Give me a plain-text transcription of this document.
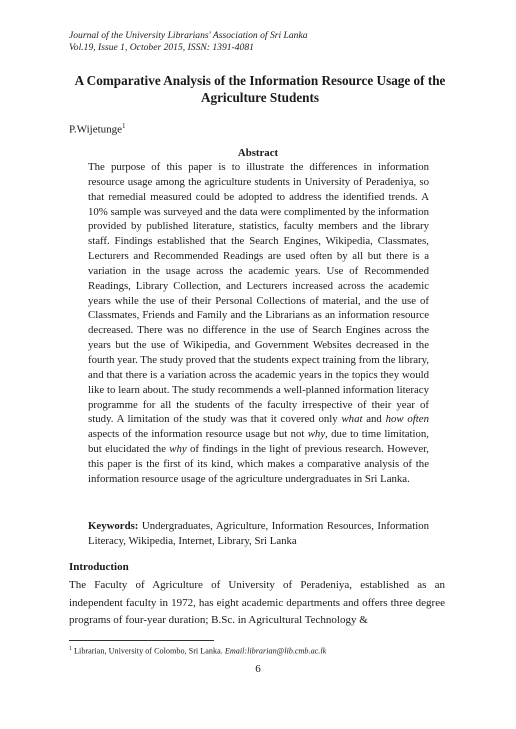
Journal of the University Librarians' Association of Sri Lanka
Vol.19, Issue 1, October 2015, ISSN: 1391-4081
A Comparative Analysis of the Information Resource Usage of the Agriculture Students
P.Wijetunge$^1$
Abstract

The purpose of this paper is to illustrate the differences in information resource usage among the agriculture students in University of Peradeniya, so that remedial measured could be adopted to address the identified trends. A 10% sample was surveyed and the data were complimented by the information provided by published literature, statistics, faculty members and the library staff. Findings established that the Search Engines, Wikipedia, Classmates, Lecturers and Recommended Readings are used often by all but there is a variation in the usage across the academic years. Use of Recommended Readings, Library Collection, and Lecturers increased across the academic years while the use of their Personal Collections of material, and the use of Classmates, Friends and Family and the Librarians as an information resource decreased. There was no difference in the use of Search Engines across the years but the use of Wikipedia, and Government Websites decreased in the fourth year. The study proved that the students expect training from the library, and that there is a variation across the academic years in the topics they would like to learn about. The study recommends a well-planned information literacy programme for all the students of the faculty irrespective of their year of study. A limitation of the study was that it covered only what and how often aspects of the information resource usage but not why, due to time limitation, but elucidated the why of findings in the light of previous research. However, this paper is the first of its kind, which makes a comparative analysis of the information resource usage of the agriculture undergraduates in Sri Lanka.

Keywords: Undergraduates, Agriculture, Information Resources, Information Literacy, Wikipedia, Internet, Library, Sri Lanka

Introduction

The Faculty of Agriculture of University of Peradeniya, established as an independent faculty in 1972, has eight academic departments and offers three degree programs of four-year duration; B.Sc. in Agricultural Technology &

$^1$ Librarian, University of Colombo, Sri Lanka. Email:librarian@lib.cmb.ac.lk
6
